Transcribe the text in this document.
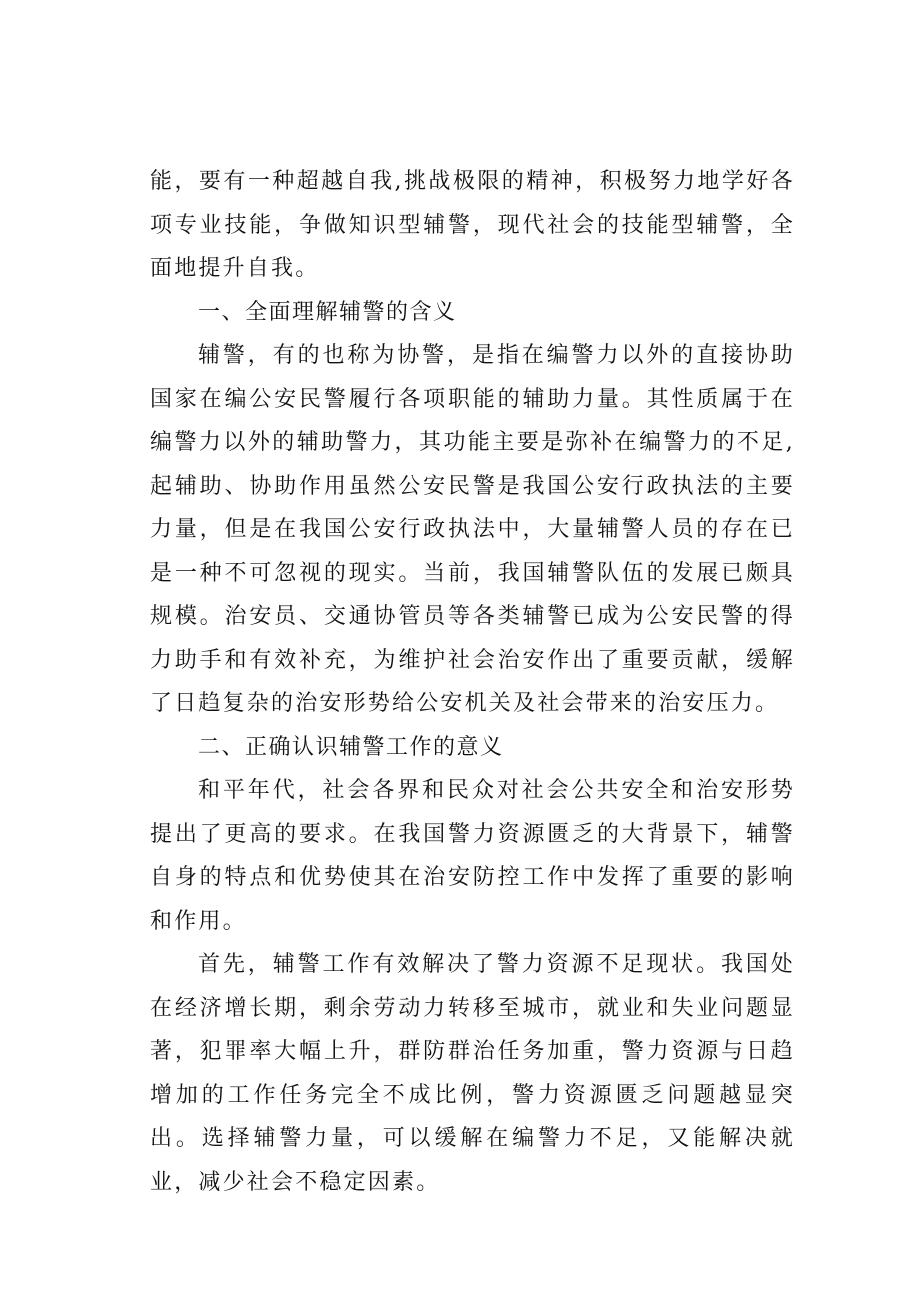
能，要有一种超越自我,挑战极限的精神，积极努力地学好各项专业技能，争做知识型辅警，现代社会的技能型辅警，全面地提升自我。

一、全面理解辅警的含义

辅警，有的也称为协警，是指在编警力以外的直接协助国家在编公安民警履行各项职能的辅助力量。其性质属于在编警力以外的辅助警力，其功能主要是弥补在编警力的不足,起辅助、协助作用虽然公安民警是我国公安行政执法的主要力量，但是在我国公安行政执法中，大量辅警人员的存在已是一种不可忽视的现实。当前，我国辅警队伍的发展已颇具规模。治安员、交通协管员等各类辅警已成为公安民警的得力助手和有效补充，为维护社会治安作出了重要贡献，缓解了日趋复杂的治安形势给公安机关及社会带来的治安压力。

二、正确认识辅警工作的意义

和平年代，社会各界和民众对社会公共安全和治安形势提出了更高的要求。在我国警力资源匮乏的大背景下，辅警自身的特点和优势使其在治安防控工作中发挥了重要的影响和作用。

首先，辅警工作有效解决了警力资源不足现状。我国处在经济增长期，剩余劳动力转移至城市，就业和失业问题显著，犯罪率大幅上升，群防群治任务加重，警力资源与日趋增加的工作任务完全不成比例，警力资源匮乏问题越显突出。选择辅警力量，可以缓解在编警力不足，又能解决就业，减少社会不稳定因素。
